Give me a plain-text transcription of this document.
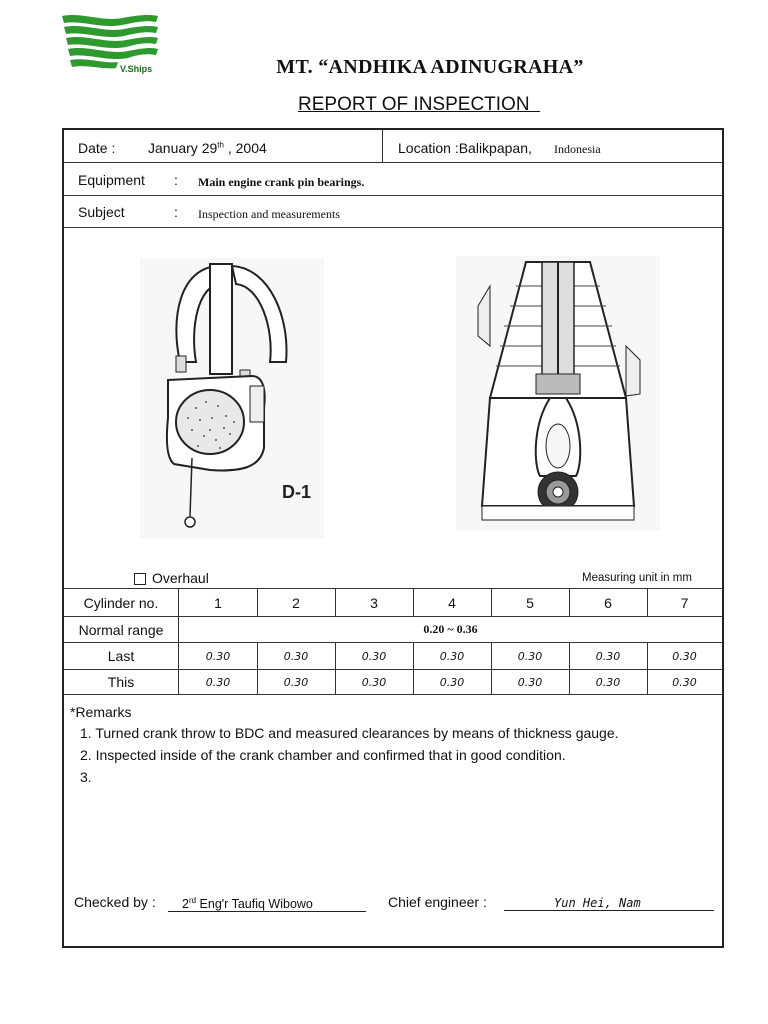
V.Ships	MT. “ANDHIKA ADINUGRAHA”
REPORT OF INSPECTION
Date : January 29th , 2004	Location :Balikpapan, Indonesia
Equipment : Main engine crank pin bearings.
Subject	: Inspection and measurements
D-1
Overhaul	Measuring unit in mm
Cylinder no.	1	2	3	4	5	6	7
Normal range	0.20 ~ 0.36
Last	0.30	0.30	0.30	0.30	0.30	0.30	0.30
This	0.30	0.30	0.30	0.30	0.30	0.30	0.30
*Remarks
1. Turned crank throw to BDC and measured clearances by means of thickness gauge.
2. Inspected inside of the crank chamber and confirmed that in good condition.
3.
Checked by :	2rd Eng'r Taufiq Wibowo	Chief engineer :	Yun Hei, Nam
